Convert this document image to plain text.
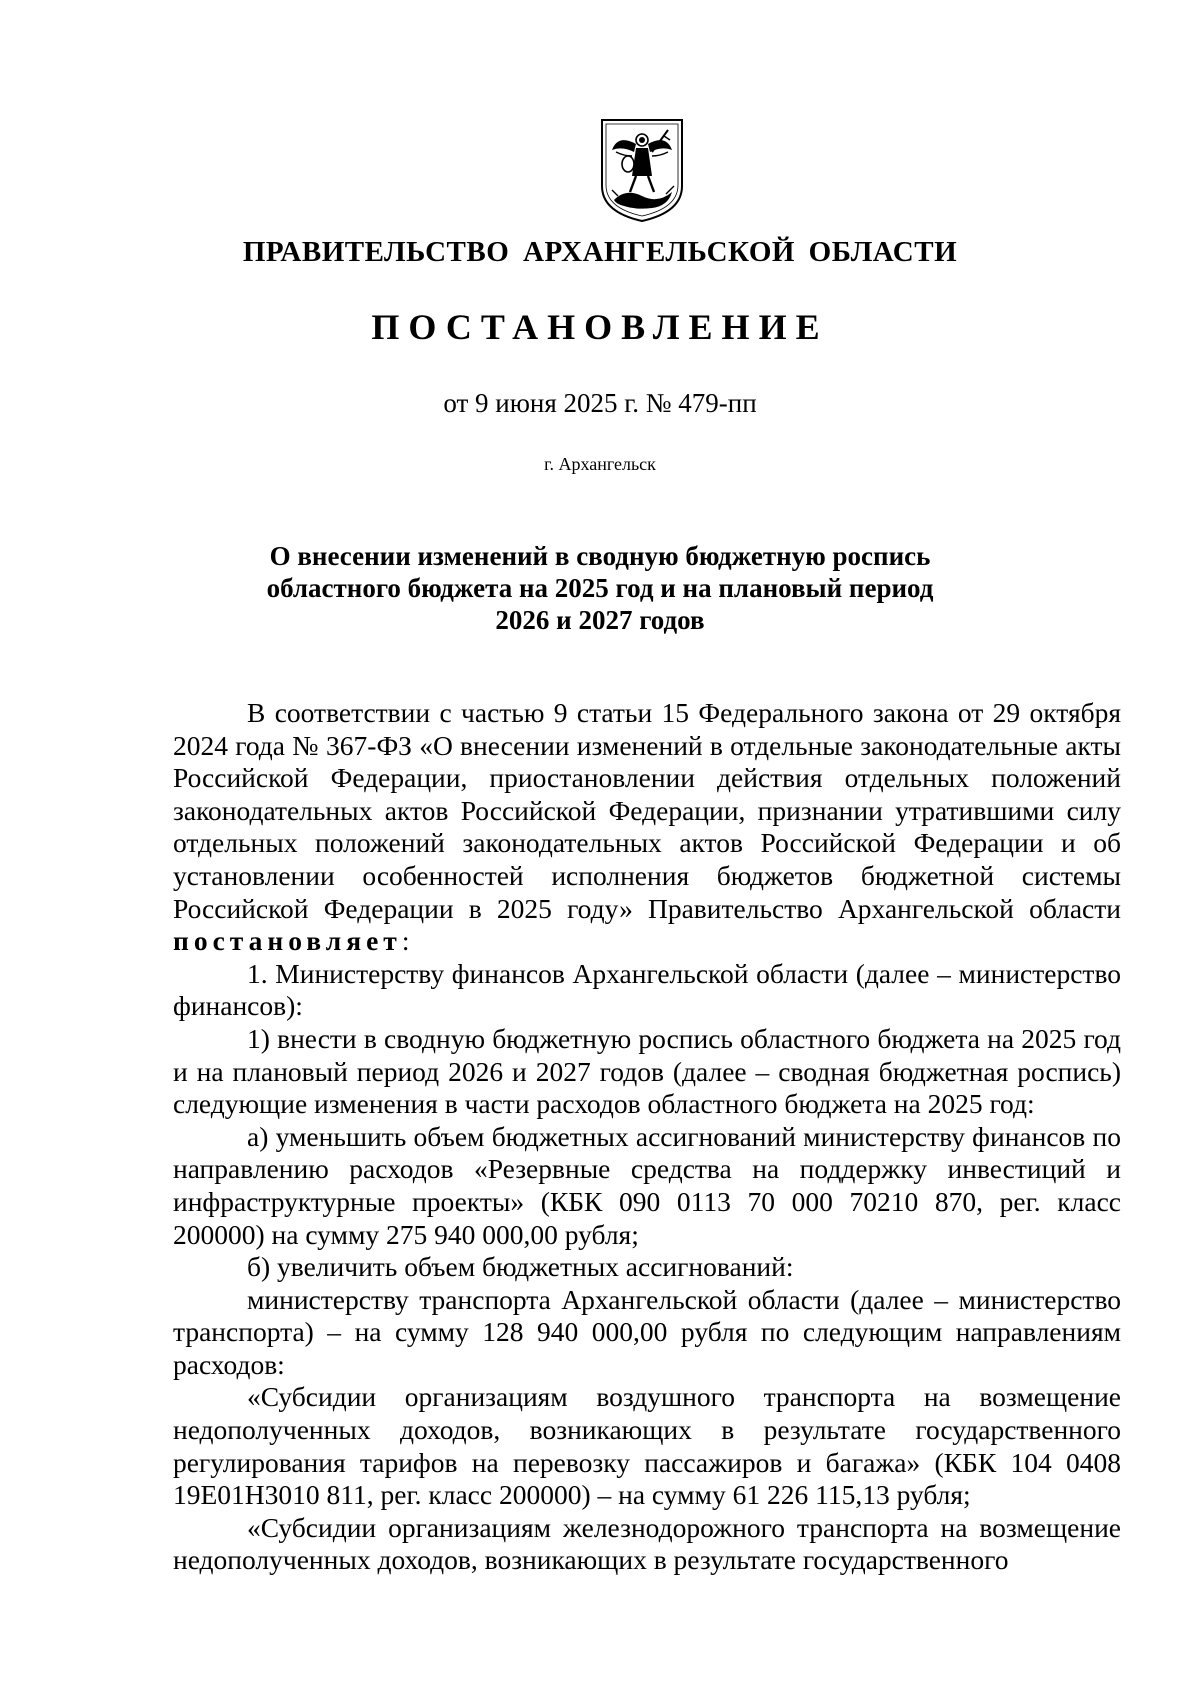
ПРАВИТЕЛЬСТВО АРХАНГЕЛЬСКОЙ ОБЛАСТИ
ПОСТАНОВЛЕНИЕ
от 9 июня 2025 г. № 479-пп
г. Архангельск
О внесении изменений в сводную бюджетную роспись
областного бюджета на 2025 год и на плановый период
2026 и 2027 годов

В соответствии с частью 9 статьи 15 Федерального закона от 29 октября 2024 года № 367-ФЗ «О внесении изменений в отдельные законодательные акты Российской Федерации, приостановлении действия отдельных положений законодательных актов Российской Федерации, признании утратившими силу отдельных положений законодательных актов Российской Федерации и об установлении особенностей исполнения бюджетов бюджетной системы Российской Федерации в 2025 году» Правительство Архангельской области постановляет:

1. Министерству финансов Архангельской области (далее – министерство финансов):

1) внести в сводную бюджетную роспись областного бюджета на 2025 год и на плановый период 2026 и 2027 годов (далее – сводная бюджетная роспись) следующие изменения в части расходов областного бюджета на 2025 год:

а) уменьшить объем бюджетных ассигнований министерству финансов по направлению расходов «Резервные средства на поддержку инвестиций и инфраструктурные проекты» (КБК 090 0113 70 000 70210 870, рег. класс 200000) на сумму 275 940 000,00 рубля;

б) увеличить объем бюджетных ассигнований:

министерству транспорта Архангельской области (далее – министерство транспорта) – на сумму 128 940 000,00 рубля по следующим направлениям расходов:

«Субсидии организациям воздушного транспорта на возмещение недополученных доходов, возникающих в результате государственного регулирования тарифов на перевозку пассажиров и багажа» (КБК 104 0408 19Е01Н3010 811, рег. класс 200000) – на сумму 61 226 115,13 рубля;

«Субсидии организациям железнодорожного транспорта на возмещение недополученных доходов, возникающих в результате государственного
